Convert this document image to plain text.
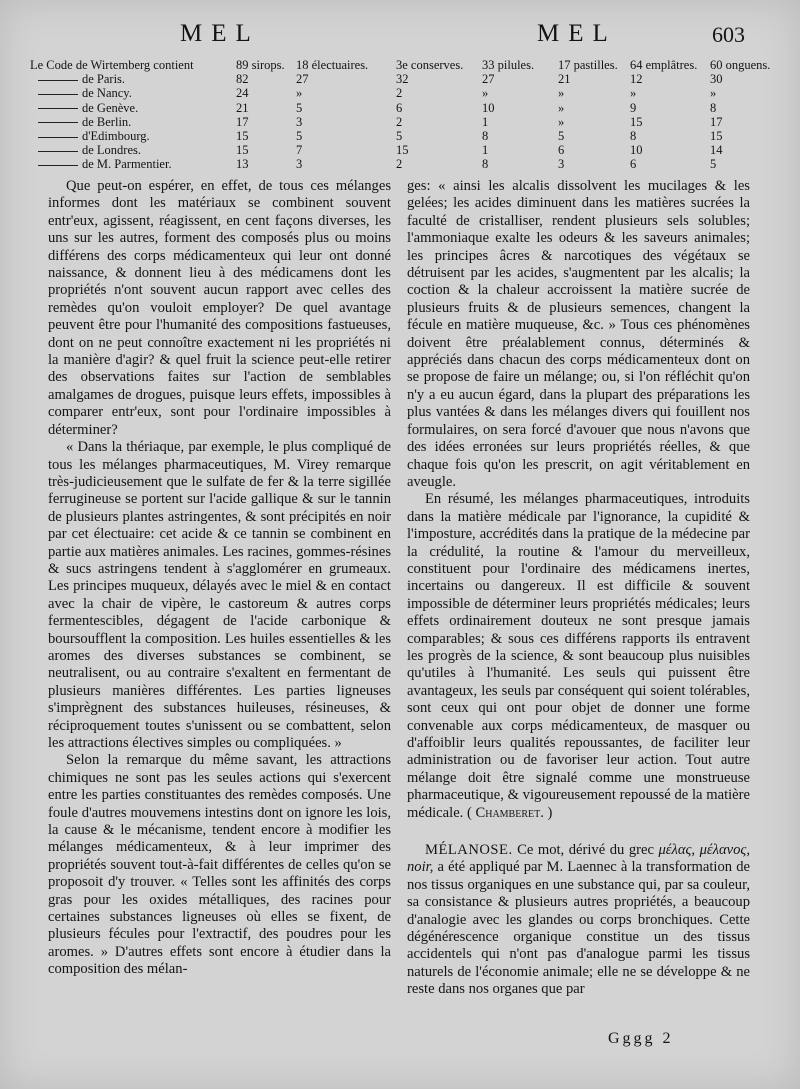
MEL	MEL	603
Le Code de Wirtemberg contient	89 sirops.	18 électuaires.	3e conserves.	33 pilules.	17 pastilles.	64 emplâtres.	60 onguens.
de Paris.	82	27	32	27	21	12	30
de Nancy.	24	»	2	»	»	»	»
de Genève.	21	5	6	10	»	9	8
de Berlin.	17	3	2	1	»	15	17
d'Edimbourg.	15	5	5	8	5	8	15
de Londres.	15	7	15	1	6	10	14
de M. Parmentier.	13	3	2	8	3	6	5

Que peut-on espérer, en effet, de tous ces mélanges informes dont les matériaux se combinent souvent entr'eux, agissent, réagissent, en cent façons diverses, les uns sur les autres, forment des composés plus ou moins différens des corps médicamenteux qui leur ont donné naissance, & donnent lieu à des médicamens dont les propriétés n'ont souvent aucun rapport avec celles des remèdes qu'on vouloit employer? De quel avantage peuvent être pour l'humanité des compositions fastueuses, dont on ne peut connoître exactement ni les propriétés ni la manière d'agir? & quel fruit la science peut-elle retirer des observations faites sur l'action de semblables amalgames de drogues, puisque leurs effets, impossibles à comparer entr'eux, sont pour l'ordinaire impossibles à déterminer?

« Dans la thériaque, par exemple, le plus compliqué de tous les mélanges pharmaceutiques, M. Virey remarque très-judicieusement que le sulfate de fer & la terre sigillée ferrugineuse se portent sur l'acide gallique & sur le tannin de plusieurs plantes astringentes, & sont précipités en noir par cet électuaire: cet acide & ce tannin se combinent en partie aux matières animales. Les racines, gommes-résines & sucs astringens tendent à s'agglomérer en grumeaux. Les principes muqueux, délayés avec le miel & en contact avec la chair de vipère, le castoreum & autres corps fermentescibles, dégagent de l'acide carbonique & boursoufflent la composition. Les huiles essentielles & les aromes des diverses substances se combinent, se neutralisent, ou au contraire s'exaltent en fermentant de plusieurs manières différentes. Les parties ligneuses s'imprègnent des substances huileuses, résineuses, & réciproquement toutes s'unissent ou se combattent, selon les attractions électives simples ou compliquées. »

Selon la remarque du même savant, les attractions chimiques ne sont pas les seules actions qui s'exercent entre les parties constituantes des remèdes composés. Une foule d'autres mouvemens intestins dont on ignore les lois, la cause & le mécanisme, tendent encore à modifier les mélanges médicamenteux, & à leur imprimer des propriétés souvent tout-à-fait différentes de celles qu'on se proposoit d'y trouver. « Telles sont les affinités des corps gras pour les oxides métalliques, des racines pour certaines substances ligneuses où elles se fixent, de plusieurs fécules pour l'extractif, des poudres pour les aromes. » D'autres effets sont encore à étudier dans la composition des mélan-

ges: « ainsi les alcalis dissolvent les mucilages & les gelées; les acides diminuent dans les matières sucrées la faculté de cristalliser, rendent plusieurs sels solubles; l'ammoniaque exalte les odeurs & les saveurs animales; les principes âcres & narcotiques des végétaux se détruisent par les acides, s'augmentent par les alcalis; la coction & la chaleur accroissent la matière sucrée de plusieurs fruits & de plusieurs semences, changent la fécule en matière muqueuse, &c. » Tous ces phénomènes doivent être préalablement connus, déterminés & appréciés dans chacun des corps médicamenteux dont on se propose de faire un mélange; ou, si l'on réfléchit qu'on n'y a eu aucun égard, dans la plupart des préparations les plus vantées & dans les mélanges divers qui fouillent nos formulaires, on sera forcé d'avouer que nous n'avons que des idées erronées sur leurs propriétés réelles, & que chaque fois qu'on les prescrit, on agit véritablement en aveugle.

En résumé, les mélanges pharmaceutiques, introduits dans la matière médicale par l'ignorance, la cupidité & l'imposture, accrédités dans la pratique de la médecine par la crédulité, la routine & l'amour du merveilleux, constituent pour l'ordinaire des médicamens inertes, incertains ou dangereux. Il est difficile & souvent impossible de déterminer leurs propriétés médicales; leurs effets ordinairement douteux ne sont presque jamais comparables; & sous ces différens rapports ils entravent les progrès de la science, & sont beaucoup plus nuisibles qu'utiles à l'humanité. Les seuls qui puissent être avantageux, les seuls par conséquent qui soient tolérables, sont ceux qui ont pour objet de donner une forme convenable aux corps médicamenteux, de masquer ou d'affoiblir leurs qualités repoussantes, de faciliter leur administration ou de favoriser leur action. Tout autre mélange doit être signalé comme une monstrueuse pharmaceutique, & vigoureusement repoussé de la matière médicale. ( Chamberet. )

MÉLANOSE. Ce mot, dérivé du grec μέλας, μέλανος, noir, a été appliqué par M. Laennec à la transformation de nos tissus organiques en une substance qui, par sa couleur, sa consistance & plusieurs autres propriétés, a beaucoup d'analogie avec les glandes ou corps bronchiques. Cette dégénérescence organique constitue un des tissus accidentels qui n'ont pas d'analogue parmi les tissus naturels de l'économie animale; elle ne se développe & ne reste dans nos organes que par

Gggg 2
